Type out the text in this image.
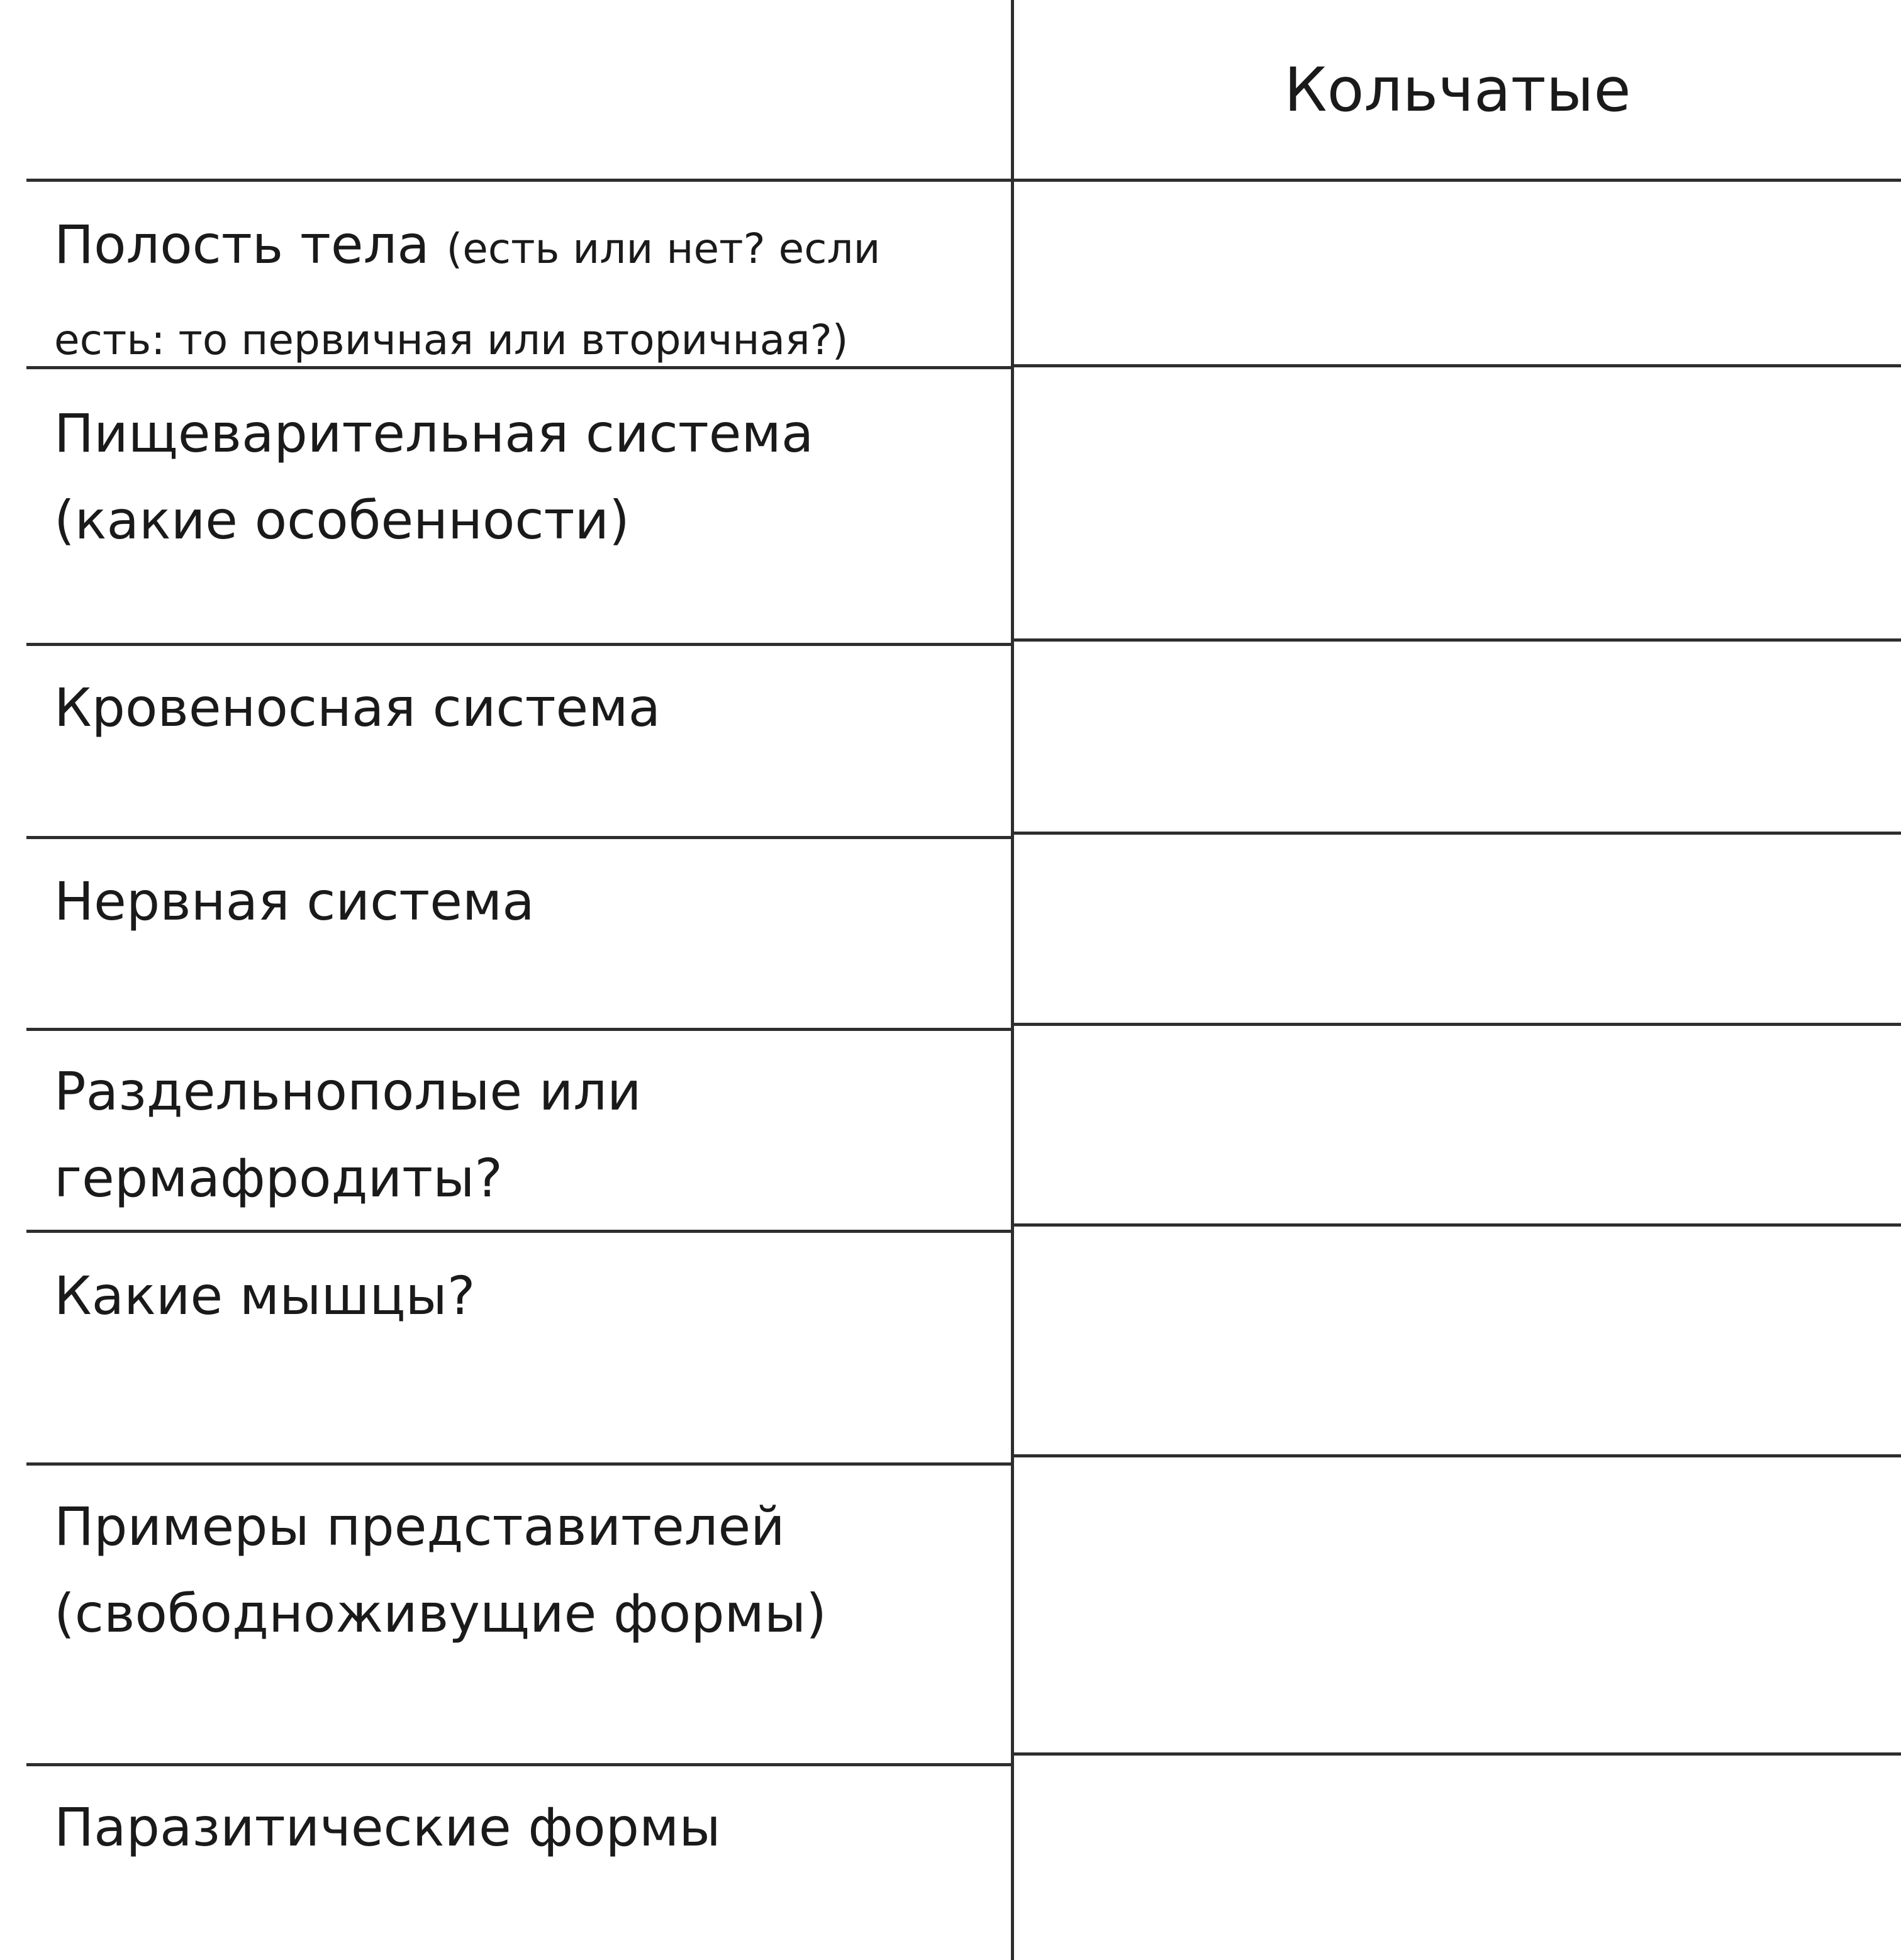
Кольчатые
Полость тела (есть или нет? если
есть: то первичная или вторичная?)
Пищеварительная система
(какие особенности)
Кровеносная система
Нервная система
Раздельнополые или
гермафродиты?
Какие мышцы?
Примеры представителей
(свободноживущие формы)
Паразитические формы
